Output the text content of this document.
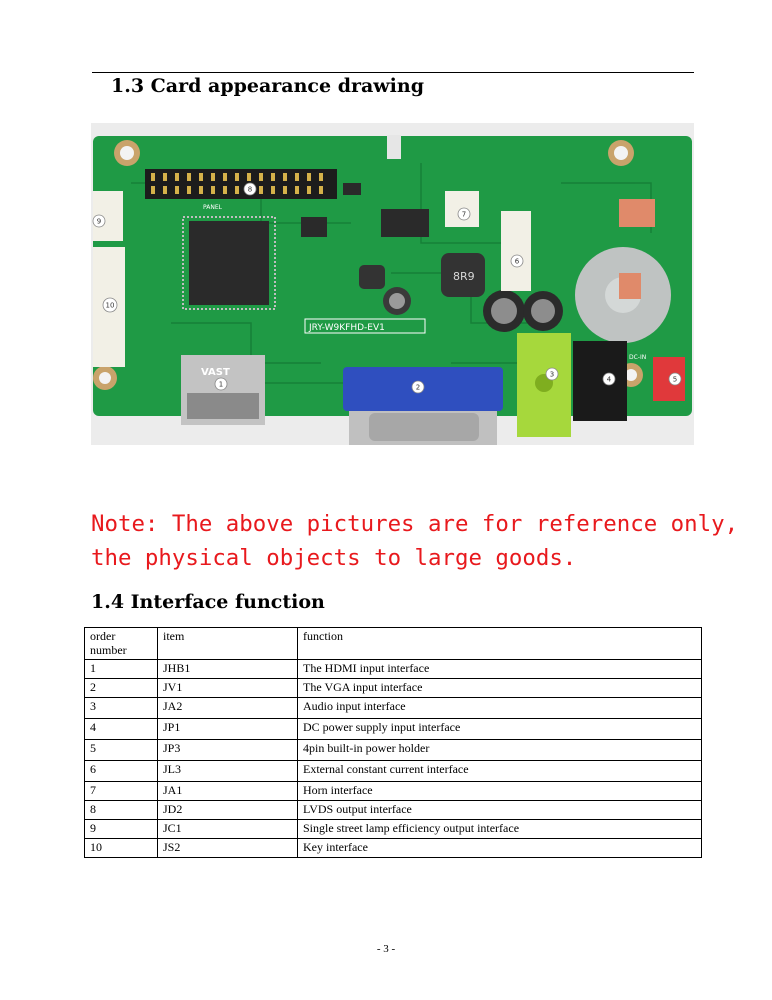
1.3 Card appearance drawing
PANEL
8R9
VAST
JRY-W9KFHD-EV1
DC-IN
1	2
3
4	5
6
7
8
9
10
Note: The above pictures are for reference only,
the physical objects to large goods.
1.4 Interface function
order number	item	function
1	JHB1	The HDMI input interface
2	JV1	The VGA input interface
3	JA2	Audio input interface
4	JP1	DC power supply input interface
5	JP3	4pin built-in power holder
6	JL3	External constant current interface
7	JA1	Horn interface
8	JD2	LVDS output interface
9	JC1	Single street lamp efficiency output interface
10	JS2	Key interface
- 3 -
